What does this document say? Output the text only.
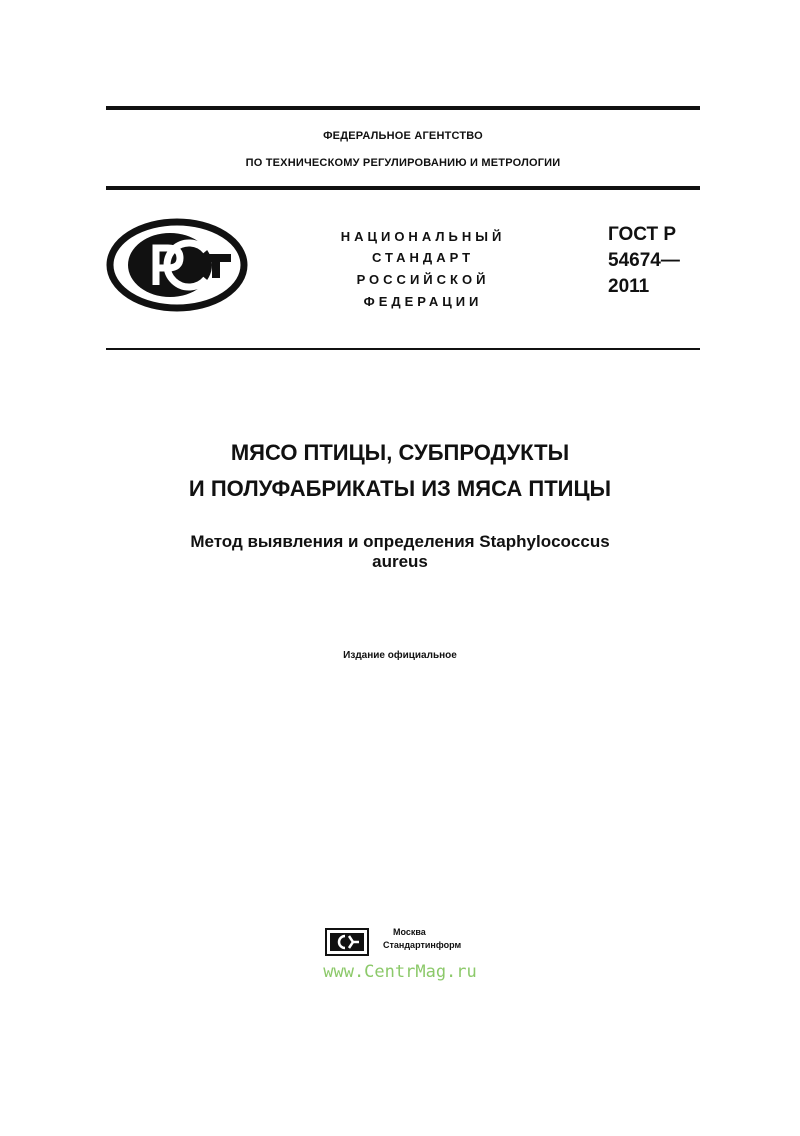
ФЕДЕРАЛЬНОЕ АГЕНТСТВО
ПО ТЕХНИЧЕСКОМУ РЕГУЛИРОВАНИЮ И МЕТРОЛОГИИ
НАЦИОНАЛЬНЫЙ
СТАНДАРТ
РОССИЙСКОЙ
ФЕДЕРАЦИИ
ГОСТ Р
54674—
2011
МЯСО ПТИЦЫ, СУБПРОДУКТЫ
И ПОЛУФАБРИКАТЫ ИЗ МЯСА ПТИЦЫ
Метод выявления и определения Staphylococcus
aureus
Издание официальное
Москва
Стандартинформ
www.CentrMag.ru
